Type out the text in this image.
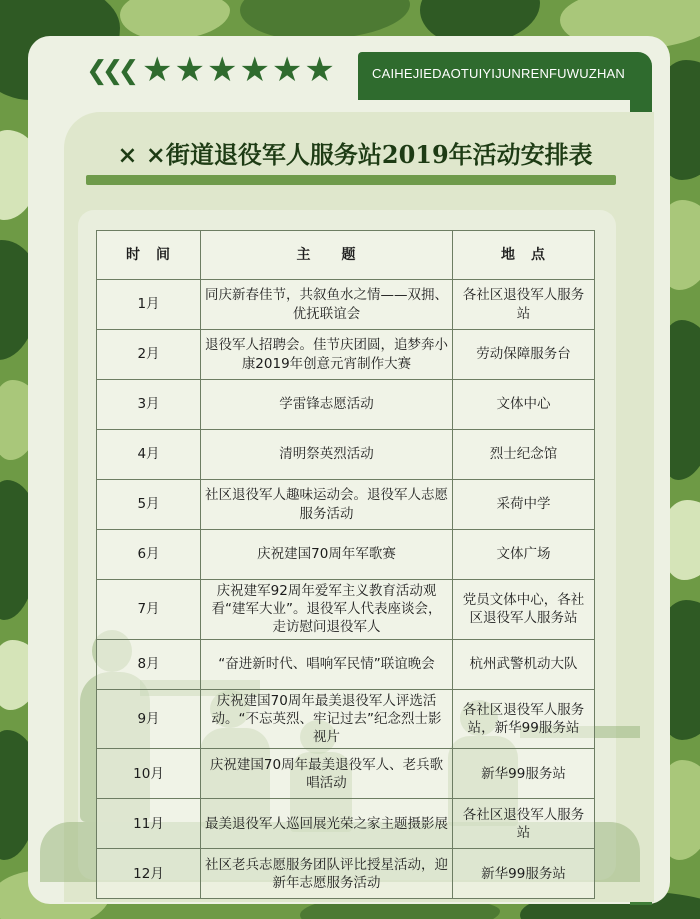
CAIHEJIEDAOTUIYIJUNRENFUWUZHAN
❮❮❮ ★★★★★★
× ×街道退役军人服务站2019年活动安排表
时　间	主　　题	地　点
1月	同庆新春佳节，共叙鱼水之情——双拥、优抚联谊会	各社区退役军人服务站
2月	退役军人招聘会。佳节庆团圆，追梦奔小康2019年创意元宵制作大赛	劳动保障服务台
3月	学雷锋志愿活动	文体中心
4月	清明祭英烈活动	烈士纪念馆
5月	社区退役军人趣味运动会。退役军人志愿服务活动	采荷中学
6月	庆祝建国70周年军歌赛	文体广场
7月	庆祝建军92周年爱军主义教育活动观看“建军大业”。退役军人代表座谈会，走访慰问退役军人	党员文体中心，各社区退役军人服务站
8月	“奋进新时代、唱响军民情”联谊晚会	杭州武警机动大队
9月	庆祝建国70周年最美退役军人评选活动。“不忘英烈、牢记过去”纪念烈士影视片	各社区退役军人服务站，新华99服务站
10月	庆祝建国70周年最美退役军人、老兵歌唱活动	新华99服务站
11月	最美退役军人巡回展光荣之家主题摄影展	各社区退役军人服务站
12月	社区老兵志愿服务团队评比授星活动，迎新年志愿服务活动	新华99服务站
